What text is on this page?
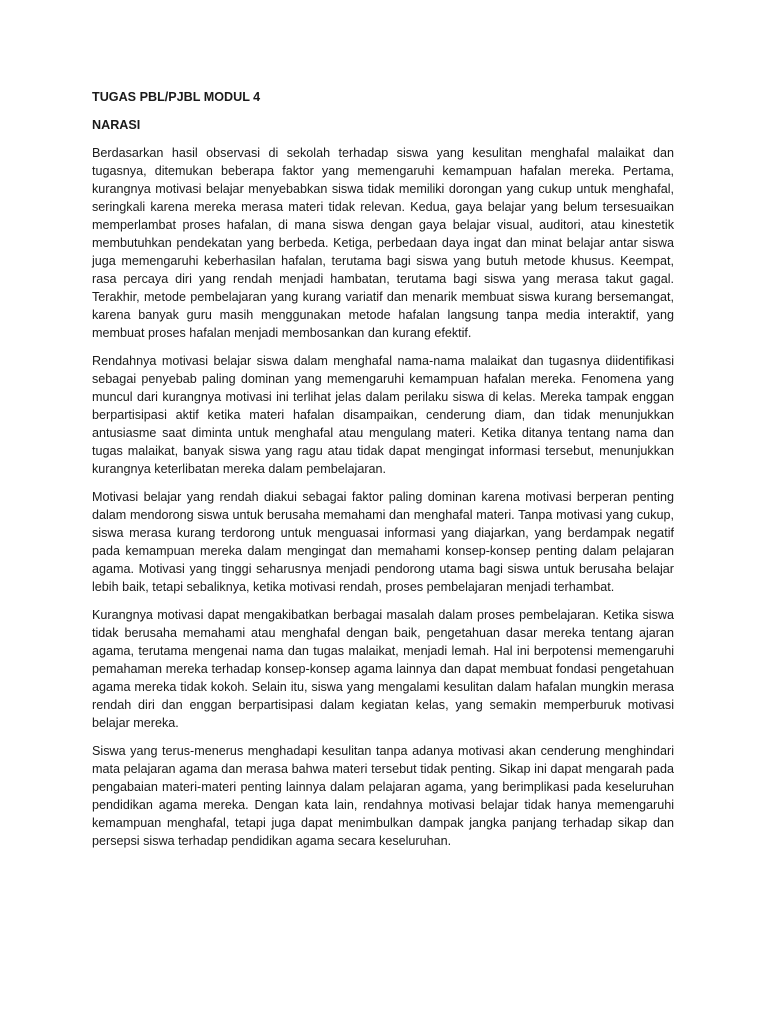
TUGAS PBL/PJBL MODUL 4
NARASI

Berdasarkan hasil observasi di sekolah terhadap siswa yang kesulitan menghafal malaikat dan tugasnya, ditemukan beberapa faktor yang memengaruhi kemampuan hafalan mereka. Pertama, kurangnya motivasi belajar menyebabkan siswa tidak memiliki dorongan yang cukup untuk menghafal, seringkali karena mereka merasa materi tidak relevan. Kedua, gaya belajar yang belum tersesuaikan memperlambat proses hafalan, di mana siswa dengan gaya belajar visual, auditori, atau kinestetik membutuhkan pendekatan yang berbeda. Ketiga, perbedaan daya ingat dan minat belajar antar siswa juga memengaruhi keberhasilan hafalan, terutama bagi siswa yang butuh metode khusus. Keempat, rasa percaya diri yang rendah menjadi hambatan, terutama bagi siswa yang merasa takut gagal. Terakhir, metode pembelajaran yang kurang variatif dan menarik membuat siswa kurang bersemangat, karena banyak guru masih menggunakan metode hafalan langsung tanpa media interaktif, yang membuat proses hafalan menjadi membosankan dan kurang efektif.

Rendahnya motivasi belajar siswa dalam menghafal nama-nama malaikat dan tugasnya diidentifikasi sebagai penyebab paling dominan yang memengaruhi kemampuan hafalan mereka. Fenomena yang muncul dari kurangnya motivasi ini terlihat jelas dalam perilaku siswa di kelas. Mereka tampak enggan berpartisipasi aktif ketika materi hafalan disampaikan, cenderung diam, dan tidak menunjukkan antusiasme saat diminta untuk menghafal atau mengulang materi. Ketika ditanya tentang nama dan tugas malaikat, banyak siswa yang ragu atau tidak dapat mengingat informasi tersebut, menunjukkan kurangnya keterlibatan mereka dalam pembelajaran.

Motivasi belajar yang rendah diakui sebagai faktor paling dominan karena motivasi berperan penting dalam mendorong siswa untuk berusaha memahami dan menghafal materi. Tanpa motivasi yang cukup, siswa merasa kurang terdorong untuk menguasai informasi yang diajarkan, yang berdampak negatif pada kemampuan mereka dalam mengingat dan memahami konsep-konsep penting dalam pelajaran agama. Motivasi yang tinggi seharusnya menjadi pendorong utama bagi siswa untuk berusaha belajar lebih baik, tetapi sebaliknya, ketika motivasi rendah, proses pembelajaran menjadi terhambat.

Kurangnya motivasi dapat mengakibatkan berbagai masalah dalam proses pembelajaran. Ketika siswa tidak berusaha memahami atau menghafal dengan baik, pengetahuan dasar mereka tentang ajaran agama, terutama mengenai nama dan tugas malaikat, menjadi lemah. Hal ini berpotensi memengaruhi pemahaman mereka terhadap konsep-konsep agama lainnya dan dapat membuat fondasi pengetahuan agama mereka tidak kokoh. Selain itu, siswa yang mengalami kesulitan dalam hafalan mungkin merasa rendah diri dan enggan berpartisipasi dalam kegiatan kelas, yang semakin memperburuk motivasi belajar mereka.

Siswa yang terus-menerus menghadapi kesulitan tanpa adanya motivasi akan cenderung menghindari mata pelajaran agama dan merasa bahwa materi tersebut tidak penting. Sikap ini dapat mengarah pada pengabaian materi-materi penting lainnya dalam pelajaran agama, yang berimplikasi pada keseluruhan pendidikan agama mereka. Dengan kata lain, rendahnya motivasi belajar tidak hanya memengaruhi kemampuan menghafal, tetapi juga dapat menimbulkan dampak jangka panjang terhadap sikap dan persepsi siswa terhadap pendidikan agama secara keseluruhan.
